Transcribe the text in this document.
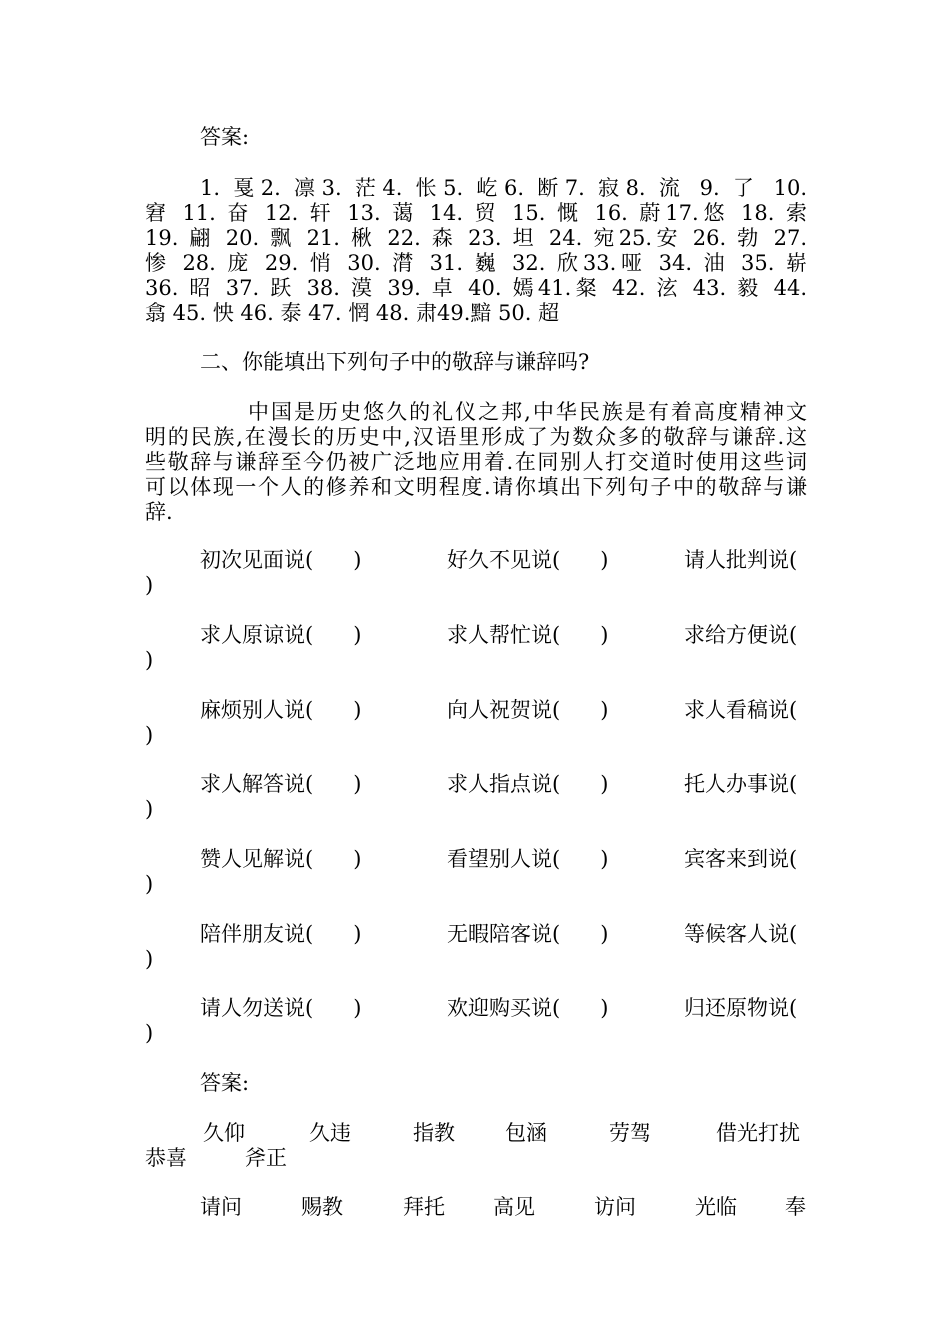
答案:
1. 戛2. 凛3. 茫4. 怅5. 屹6. 断7. 寂8. 流 9. 了 10.
窘 11. 奋 12. 轩 13. 蔼 14. 贸 15. 慨 16. 蔚17.悠 18. 索
19. 翩 20. 飘 21. 楸 22. 森 23. 坦 24. 宛25.安 26. 勃 27.
惨 28. 庞 29. 悄 30. 潸 31. 巍 32. 欣33.哑 34. 油 35. 崭
36. 昭 37. 跃 38. 漠 39. 卓 40. 嫣41.粲 42. 泫 43. 毅 44.
翕 45. 怏 46. 泰 47. 惘 48. 肃49.黯 50. 超
二、你能填出下列句子中的敬辞与谦辞吗?
中国是历史悠久的礼仪之邦,中华民族是有着高度精神文
明的民族,在漫长的历史中,汉语里形成了为数众多的敬辞与谦辞.这
些敬辞与谦辞至今仍被广泛地应用着.在同别人打交道时使用这些词
可以体现一个人的修养和文明程度.请你填出下列句子中的敬辞与谦
辞.
初次见面说(      )	好久不见说(      )	请人批判说(
)
求人原谅说(      )	求人帮忙说(      )	求给方便说(
)
麻烦别人说(      )	向人祝贺说(      )	求人看稿说(
)
求人解答说(      )	求人指点说(      )	托人办事说(
)
赞人见解说(      )	看望别人说(      )	宾客来到说(
)
陪伴朋友说(      )	无暇陪客说(      )	等候客人说(
)
请人勿送说(      )	欢迎购买说(      )	归还原物说(
)
答案:
久仰	久违	指教 包涵	劳驾	借光打扰
恭喜	斧正
请问	赐教	拜托 高见	访问	光临 奉
